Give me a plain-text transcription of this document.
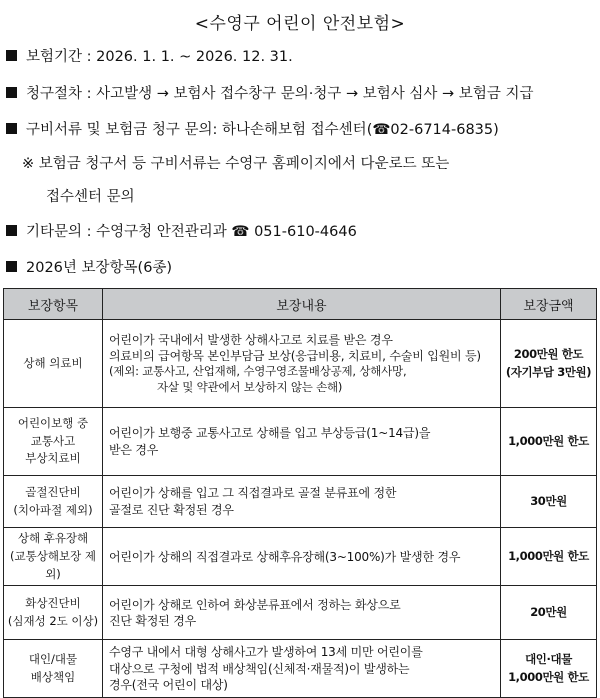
<수영구 어린이 안전보험>
보험기간 : 2026. 1. 1. ~ 2026. 12. 31.
청구절차 : 사고발생 → 보험사 접수창구 문의·청구 → 보험사 심사 → 보험금 지급
구비서류 및 보험금 청구 문의: 하나손해보험 접수센터(☎02-6714-6835)
※ 보험금 청구서 등 구비서류는 수영구 홈페이지에서 다운로드 또는
접수센터 문의
기타문의 : 수영구청 안전관리과 ☎ 051-610-4646
2026년 보장항목(6종)
보장항목	보장내용	보장금액

상해 의료비	어린이가 국내에서 발생한 상해사고로 치료를 받은 경우
의료비의 급여항목 본인부담금 보상(응급비용, 치료비, 수술비 입원비 등)
(제외: 교통사고, 산업재해, 수영구영조물배상공제, 상해사망,
자살 및 약관에서 보상하지 않는 손해)	200만원 한도
(자기부담 3만원)

어린이보행 중
교통사고
부상치료비	어린이가 보행중 교통사고로 상해를 입고 부상등급(1~14급)을
받은 경우	1,000만원 한도

골절진단비
(치아파절 제외)	어린이가 상해를 입고 그 직접결과로 골절 분류표에 정한
골절로 진단 확정된 경우	30만원

상해 후유장해
(교통상해보장 제외)	어린이가 상해의 직접결과로 상해후유장해(3~100%)가 발생한 경우	1,000만원 한도

화상진단비
(심재성 2도 이상)	어린이가 상해로 인하여 화상분류표에서 정하는 화상으로
진단 확정된 경우	20만원

대인/대물
배상책임	수영구 내에서 대형 상해사고가 발생하여 13세 미만 어린이를
대상으로 구청에 법적 배상책임(신체적·재물적)이 발생하는
경우(전국 어린이 대상)	대인·대물
1,000만원 한도
